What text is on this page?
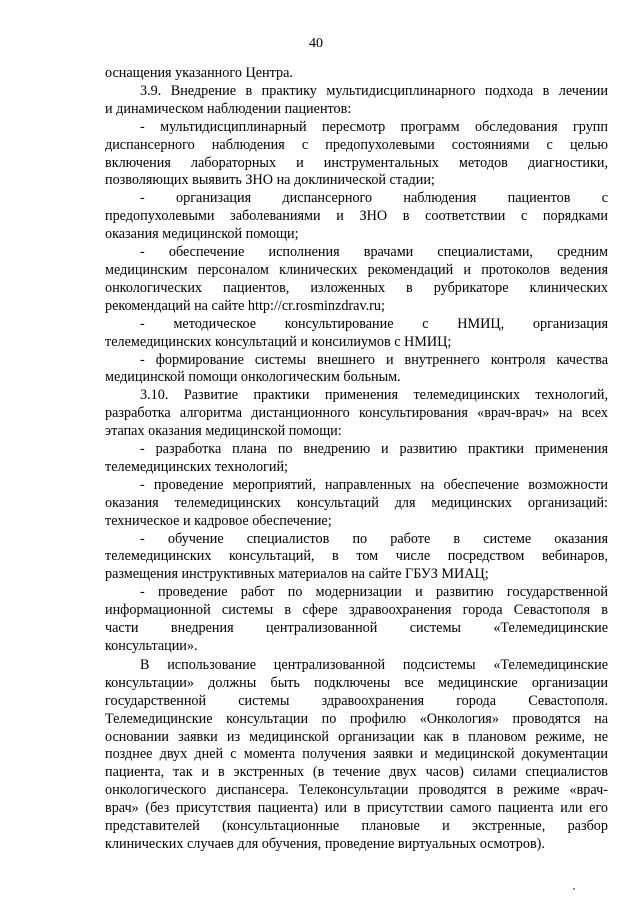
40

оснащения указанного Центра.

3.9. Внедрение в практику мультидисциплинарного подхода в лечении

и динамическом наблюдении пациентов:

- мультидисциплинарный пересмотр программ обследования групп

диспансерного наблюдения с предопухолевыми состояниями с целью

включения лабораторных и инструментальных методов диагностики,

позволяющих выявить ЗНО на доклинической стадии;

- организация диспансерного наблюдения пациентов с

предопухолевыми заболеваниями и ЗНО в соответствии с порядками

оказания медицинской помощи;

- обеспечение исполнения врачами специалистами, средним

медицинским персоналом клинических рекомендаций и протоколов ведения

онкологических пациентов, изложенных в рубрикаторе клинических

рекомендаций на сайте http://cr.rosminzdrav.ru;

- методическое консультирование с НМИЦ, организация

телемедицинских консультаций и консилиумов с НМИЦ;

- формирование системы внешнего и внутреннего контроля качества

медицинской помощи онкологическим больным.

3.10. Развитие практики применения телемедицинских технологий,

разработка алгоритма дистанционного консультирования «врач-врач» на всех

этапах оказания медицинской помощи:

- разработка плана по внедрению и развитию практики применения

телемедицинских технологий;

- проведение мероприятий, направленных на обеспечение возможности

оказания телемедицинских консультаций для медицинских организаций:

техническое и кадровое обеспечение;

- обучение специалистов по работе в системе оказания

телемедицинских консультаций, в том числе посредством вебинаров,

размещения инструктивных материалов на сайте ГБУЗ МИАЦ;

- проведение работ по модернизации и развитию государственной

информационной системы в сфере здравоохранения города Севастополя в

части внедрения централизованной системы «Телемедицинские

консультации».

В использование централизованной подсистемы «Телемедицинские

консультации» должны быть подключены все медицинские организации

государственной системы здравоохранения города Севастополя.

Телемедицинские консультации по профилю «Онкология» проводятся на

основании заявки из медицинской организации как в плановом режиме, не

позднее двух дней с момента получения заявки и медицинской документации

пациента, так и в экстренных (в течение двух часов) силами специалистов

онкологического диспансера. Телеконсультации проводятся в режиме «врач-

врач» (без присутствия пациента) или в присутствии самого пациента или его

представителей (консультационные плановые и экстренные, разбор

клинических случаев для обучения, проведение виртуальных осмотров).
